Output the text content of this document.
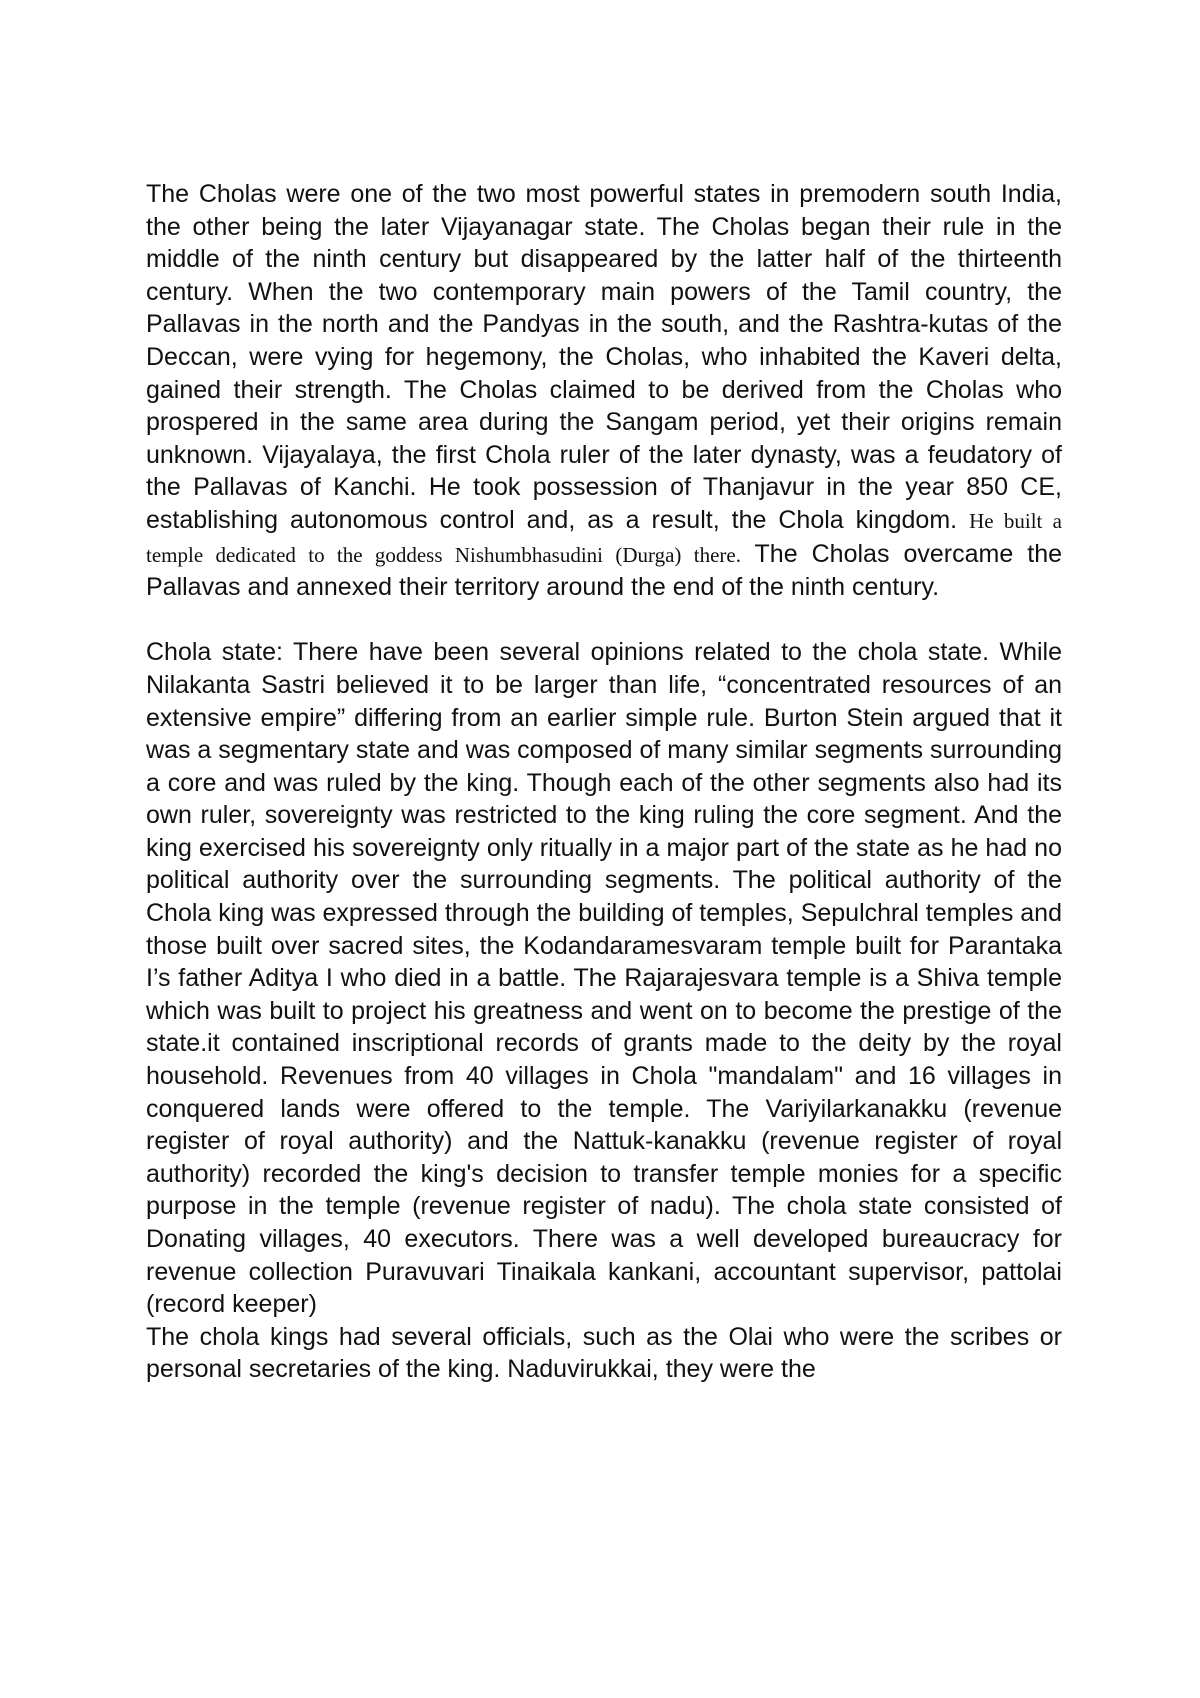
The Cholas were one of the two most powerful states in premodern south India, the other being the later Vijayanagar state. The Cholas began their rule in the middle of the ninth century but disappeared by the latter half of the thirteenth century. When the two contemporary main powers of the Tamil country, the Pallavas in the north and the Pandyas in the south, and the Rashtra-kutas of the Deccan, were vying for hegemony, the Cholas, who inhabited the Kaveri delta, gained their strength. The Cholas claimed to be derived from the Cholas who prospered in the same area during the Sangam period, yet their origins remain unknown. Vijayalaya, the first Chola ruler of the later dynasty, was a feudatory of the Pallavas of Kanchi. He took possession of Thanjavur in the year 850 CE, establishing autonomous control and, as a result, the Chola kingdom. He built a temple dedicated to the goddess Nishumbhasudini (Durga) there. The Cholas overcame the Pallavas and annexed their territory around the end of the ninth century.

Chola state: There have been several opinions related to the chola state. While Nilakanta Sastri believed it to be larger than life, “concentrated resources of an extensive empire” differing from an earlier simple rule. Burton Stein argued that it was a segmentary state and was composed of many similar segments surrounding a core and was ruled by the king. Though each of the other segments also had its own ruler, sovereignty was restricted to the king ruling the core segment. And the king exercised his sovereignty only ritually in a major part of the state as he had no political authority over the surrounding segments. The political authority of the Chola king was expressed through the building of temples, Sepulchral temples and those built over sacred sites, the Kodandaramesvaram temple built for Parantaka I’s father Aditya I who died in a battle. The Rajarajesvara temple is a Shiva temple which was built to project his greatness and went on to become the prestige of the state.it contained inscriptional records of grants made to the deity by the royal household. Revenues from 40 villages in Chola "mandalam" and 16 villages in conquered lands were offered to the temple. The Variyilarkanakku (revenue register of royal authority) and the Nattuk-kanakku (revenue register of royal authority) recorded the king's decision to transfer temple monies for a specific purpose in the temple (revenue register of nadu). The chola state consisted of Donating villages, 40 executors. There was a well developed bureaucracy for revenue collection Puravuvari Tinaikala kankani, accountant supervisor, pattolai (record keeper)

The chola kings had several officials, such as the Olai who were the scribes or personal secretaries of the king. Naduvirukkai, they were the
